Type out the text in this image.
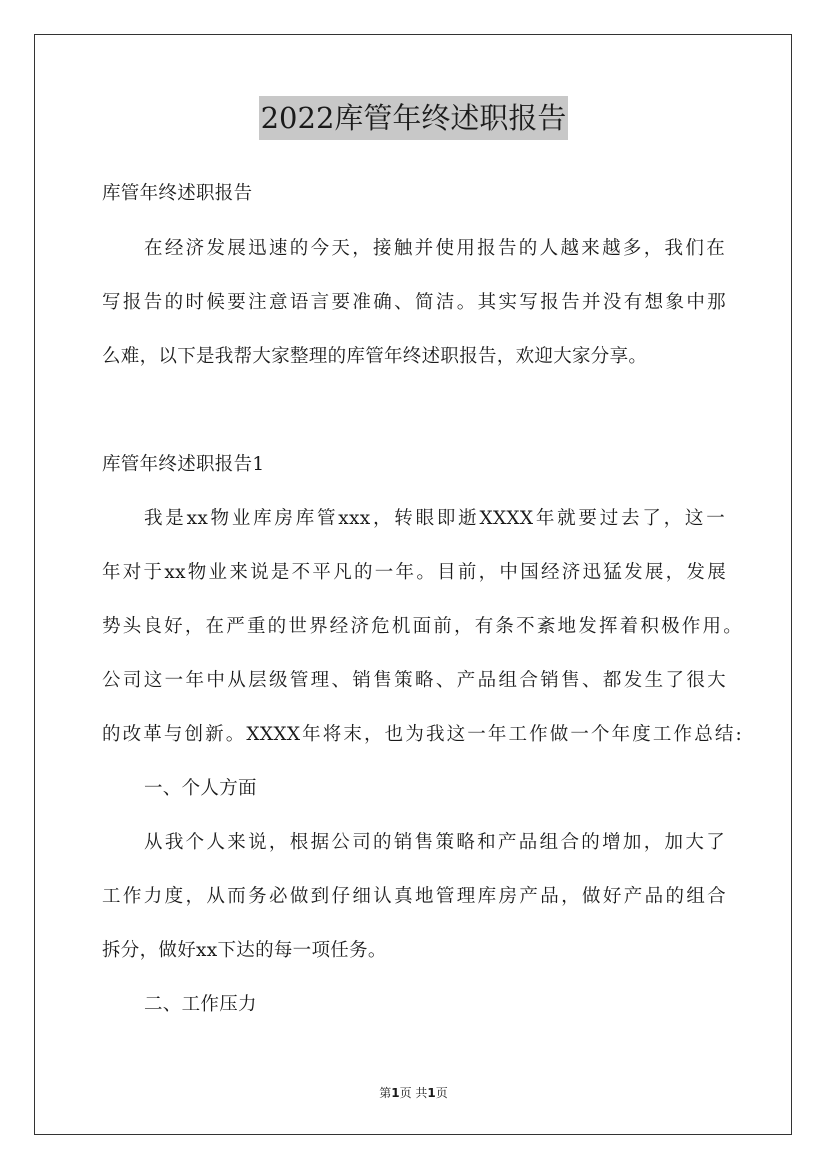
2022库管年终述职报告
库管年终述职报告
在经济发展迅速的今天，接触并使用报告的人越来越多，我们在
写报告的时候要注意语言要准确、简洁。其实写报告并没有想象中那
么难，以下是我帮大家整理的库管年终述职报告，欢迎大家分享。
库管年终述职报告1
我是xx物业库房库管xxx，转眼即逝XXXX年就要过去了，这一
年对于xx物业来说是不平凡的一年。目前，中国经济迅猛发展，发展
势头良好，在严重的世界经济危机面前，有条不紊地发挥着积极作用。
公司这一年中从层级管理、销售策略、产品组合销售、都发生了很大
的改革与创新。XXXX年将末，也为我这一年工作做一个年度工作总结:
一、个人方面
从我个人来说，根据公司的销售策略和产品组合的增加，加大了
工作力度，从而务必做到仔细认真地管理库房产品，做好产品的组合
拆分，做好xx下达的每一项任务。
二、工作压力
第1页 共1页
